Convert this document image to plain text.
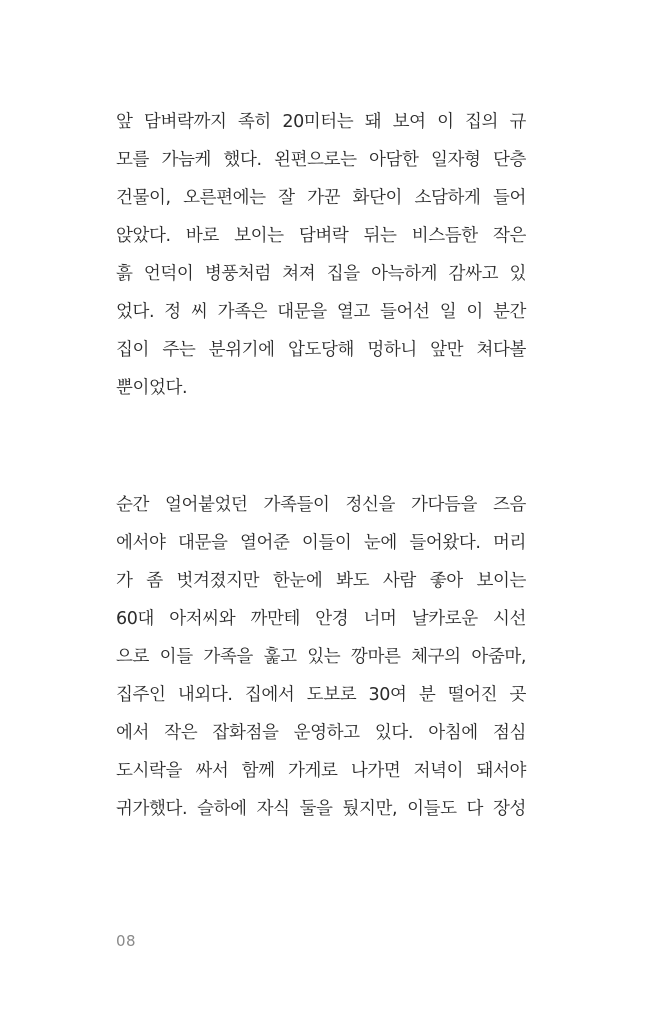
앞 담벼락까지 족히 20미터는 돼 보여 이 집의 규
모를 가늠케 했다. 왼편으로는 아담한 일자형 단층
건물이, 오른편에는 잘 가꾼 화단이 소담하게 들어
앉았다. 바로 보이는 담벼락 뒤는 비스듬한 작은
흙 언덕이 병풍처럼 쳐져 집을 아늑하게 감싸고 있
었다. 정 씨 가족은 대문을 열고 들어선 일 이 분간
집이 주는 분위기에 압도당해 멍하니 앞만 쳐다볼
뿐이었다.
순간 얼어붙었던 가족들이 정신을 가다듬을 즈음
에서야 대문을 열어준 이들이 눈에 들어왔다. 머리
가 좀 벗겨졌지만 한눈에 봐도 사람 좋아 보이는
60대 아저씨와 까만테 안경 너머 날카로운 시선
으로 이들 가족을 훑고 있는 깡마른 체구의 아줌마,
집주인 내외다. 집에서 도보로 30여 분 떨어진 곳
에서 작은 잡화점을 운영하고 있다. 아침에 점심
도시락을 싸서 함께 가게로 나가면 저녁이 돼서야
귀가했다. 슬하에 자식 둘을 뒀지만, 이들도 다 장성
08
